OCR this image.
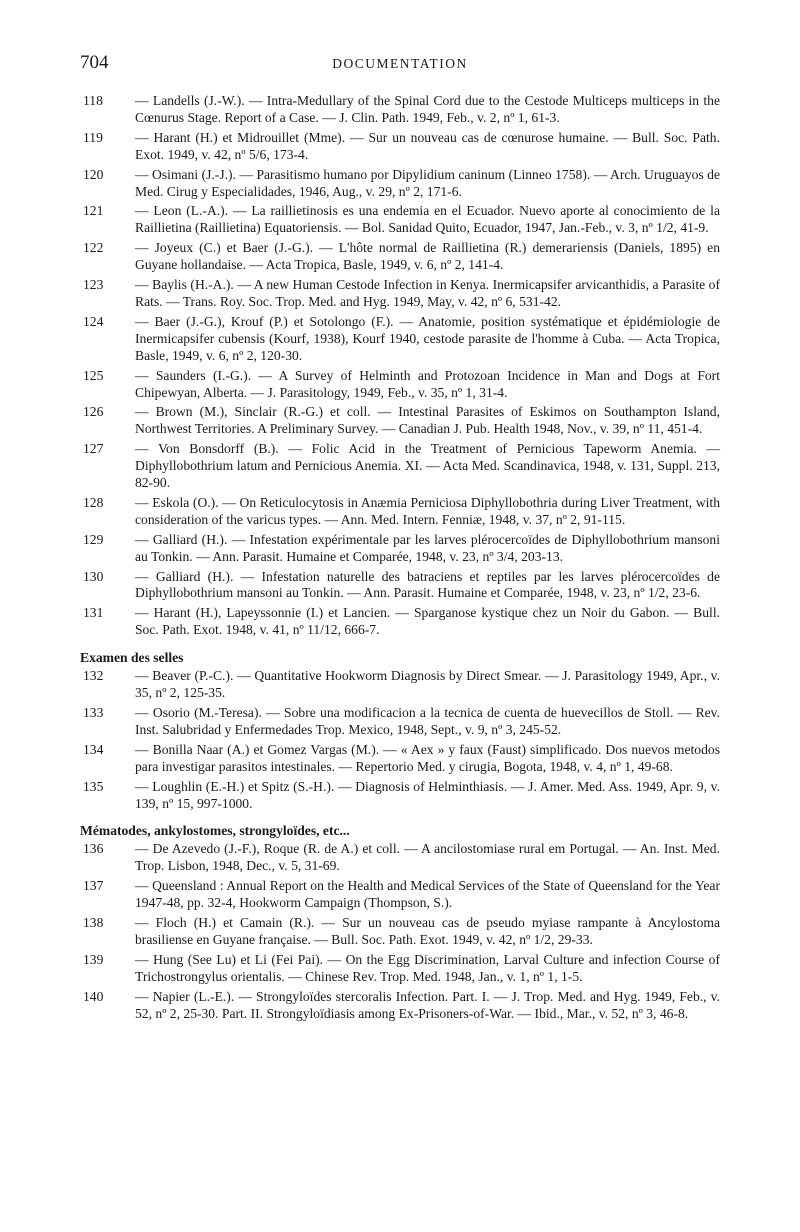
704	DOCUMENTATION
118 — Landells (J.-W.). — Intra-Medullary of the Spinal Cord due to the Cestode Multiceps multiceps in the Cœnurus Stage. Report of a Case. — J. Clin. Path. 1949, Feb., v. 2, nº 1, 61-3.
119 — Harant (H.) et Midrouillet (Mme). — Sur un nouveau cas de cœnurose humaine. — Bull. Soc. Path. Exot. 1949, v. 42, nº 5/6, 173-4.
120 — Osimani (J.-J.). — Parasitismo humano por Dipylidium caninum (Linneo 1758). — Arch. Uruguayos de Med. Cirug y Especialidades, 1946, Aug., v. 29, nº 2, 171-6.
121 — Leon (L.-A.). — La raillietinosis es una endemia en el Ecuador. Nuevo aporte al conocimiento de la Raillietina (Raillietina) Equatoriensis. — Bol. Sanidad Quito, Ecuador, 1947, Jan.-Feb., v. 3, nº 1/2, 41-9.
122 — Joyeux (C.) et Baer (J.-G.). — L'hôte normal de Raillietina (R.) demerariensis (Daniels, 1895) en Guyane hollandaise. — Acta Tropica, Basle, 1949, v. 6, nº 2, 141-4.
123 — Baylis (H.-A.). — A new Human Cestode Infection in Kenya. Inermicapsifer arvicanthidis, a Parasite of Rats. — Trans. Roy. Soc. Trop. Med. and Hyg. 1949, May, v. 42, nº 6, 531-42.
124 — Baer (J.-G.), Krouf (P.) et Sotolongo (F.). — Anatomie, position systématique et épidémiologie de Inermicapsifer cubensis (Kourf, 1938), Kourf 1940, cestode parasite de l'homme à Cuba. — Acta Tropica, Basle, 1949, v. 6, nº 2, 120-30.
125 — Saunders (I.-G.). — A Survey of Helminth and Protozoan Incidence in Man and Dogs at Fort Chipewyan, Alberta. — J. Parasitology, 1949, Feb., v. 35, nº 1, 31-4.
126 — Brown (M.), Sinclair (R.-G.) et coll. — Intestinal Parasites of Eskimos on Southampton Island, Northwest Territories. A Preliminary Survey. — Canadian J. Pub. Health 1948, Nov., v. 39, nº 11, 451-4.
127 — Von Bonsdorff (B.). — Folic Acid in the Treatment of Pernicious Tapeworm Anemia. — Diphyllobothrium latum and Pernicious Anemia. XI. — Acta Med. Scandinavica, 1948, v. 131, Suppl. 213, 82-90.
128 — Eskola (O.). — On Reticulocytosis in Anæmia Perniciosa Diphyllobothria during Liver Treatment, with consideration of the varicus types. — Ann. Med. Intern. Fenniæ, 1948, v. 37, nº 2, 91-115.
129 — Galliard (H.). — Infestation expérimentale par les larves plérocercoïdes de Diphyllobothrium mansoni au Tonkin. — Ann. Parasit. Humaine et Comparée, 1948, v. 23, nº 3/4, 203-13.
130 — Galliard (H.). — Infestation naturelle des batraciens et reptiles par les larves plérocercoïdes de Diphyllobothrium mansoni au Tonkin. — Ann. Parasit. Humaine et Comparée, 1948, v. 23, nº 1/2, 23-6.
131 — Harant (H.), Lapeyssonnie (I.) et Lancien. — Sparganose kystique chez un Noir du Gabon. — Bull. Soc. Path. Exot. 1948, v. 41, nº 11/12, 666-7.
Examen des selles
132 — Beaver (P.-C.). — Quantitative Hookworm Diagnosis by Direct Smear. — J. Parasitology 1949, Apr., v. 35, nº 2, 125-35.
133 — Osorio (M.-Teresa). — Sobre una modificacion a la tecnica de cuenta de huevecillos de Stoll. — Rev. Inst. Salubridad y Enfermedades Trop. Mexico, 1948, Sept., v. 9, nº 3, 245-52.
134 — Bonilla Naar (A.) et Gomez Vargas (M.). — « Aex » y faux (Faust) simplificado. Dos nuevos metodos para investigar parasitos intestinales. — Repertorio Med. y cirugia, Bogota, 1948, v. 4, nº 1, 49-68.
135 — Loughlin (E.-H.) et Spitz (S.-H.). — Diagnosis of Helminthiasis. — J. Amer. Med. Ass. 1949, Apr. 9, v. 139, nº 15, 997-1000.
Mématodes, ankylostomes, strongyloïdes, etc...
136 — De Azevedo (J.-F.), Roque (R. de A.) et coll. — A ancilostomiase rural em Portugal. — An. Inst. Med. Trop. Lisbon, 1948, Dec., v. 5, 31-69.
137 — Queensland : Annual Report on the Health and Medical Services of the State of Queensland for the Year 1947-48, pp. 32-4, Hookworm Campaign (Thompson, S.).
138 — Floch (H.) et Camain (R.). — Sur un nouveau cas de pseudo myiase rampante à Ancylostoma brasiliense en Guyane française. — Bull. Soc. Path. Exot. 1949, v. 42, nº 1/2, 29-33.
139 — Hung (See Lu) et Li (Fei Pai). — On the Egg Discrimination, Larval Culture and infection Course of Trichostrongylus orientalis. — Chinese Rev. Trop. Med. 1948, Jan., v. 1, nº 1, 1-5.
140 — Napier (L.-E.). — Strongyloïdes stercoralis Infection. Part. I. — J. Trop. Med. and Hyg. 1949, Feb., v. 52, nº 2, 25-30. Part. II. Strongyloïdiasis among Ex-Prisoners-of-War. — Ibid., Mar., v. 52, nº 3, 46-8.
